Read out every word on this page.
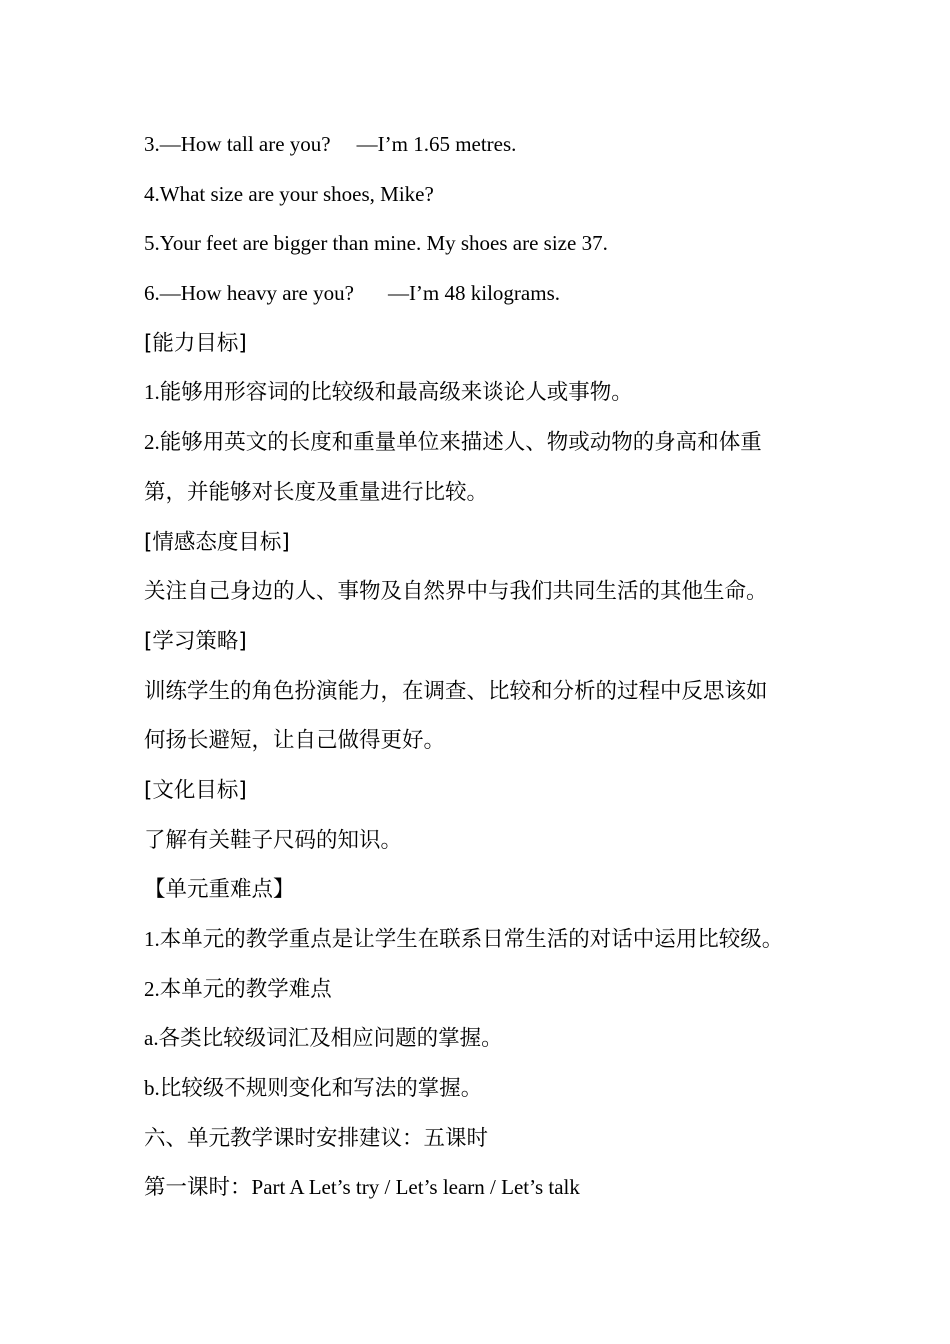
3.—How tall are you? —I’m 1.65 metres.
4.What size are your shoes, Mike?
5.Your feet are bigger than mine. My shoes are size 37.
6.—How heavy are you? —I’m 48 kilograms.
[能力目标]
1.能够用形容词的比较级和最高级来谈论人或事物。
2.能够用英文的长度和重量单位来描述人、物或动物的身高和体重
第，并能够对长度及重量进行比较。
[情感态度目标]
关注自己身边的人、事物及自然界中与我们共同生活的其他生命。
[学习策略]
训练学生的角色扮演能力，在调查、比较和分析的过程中反思该如
何扬长避短，让自己做得更好。
[文化目标]
了解有关鞋子尺码的知识。
【单元重难点】
1.本单元的教学重点是让学生在联系日常生活的对话中运用比较级。
2.本单元的教学难点
a.各类比较级词汇及相应问题的掌握。
b.比较级不规则变化和写法的掌握。
六、单元教学课时安排建议：五课时
第一课时：Part A Let’s try / Let’s learn / Let’s talk
